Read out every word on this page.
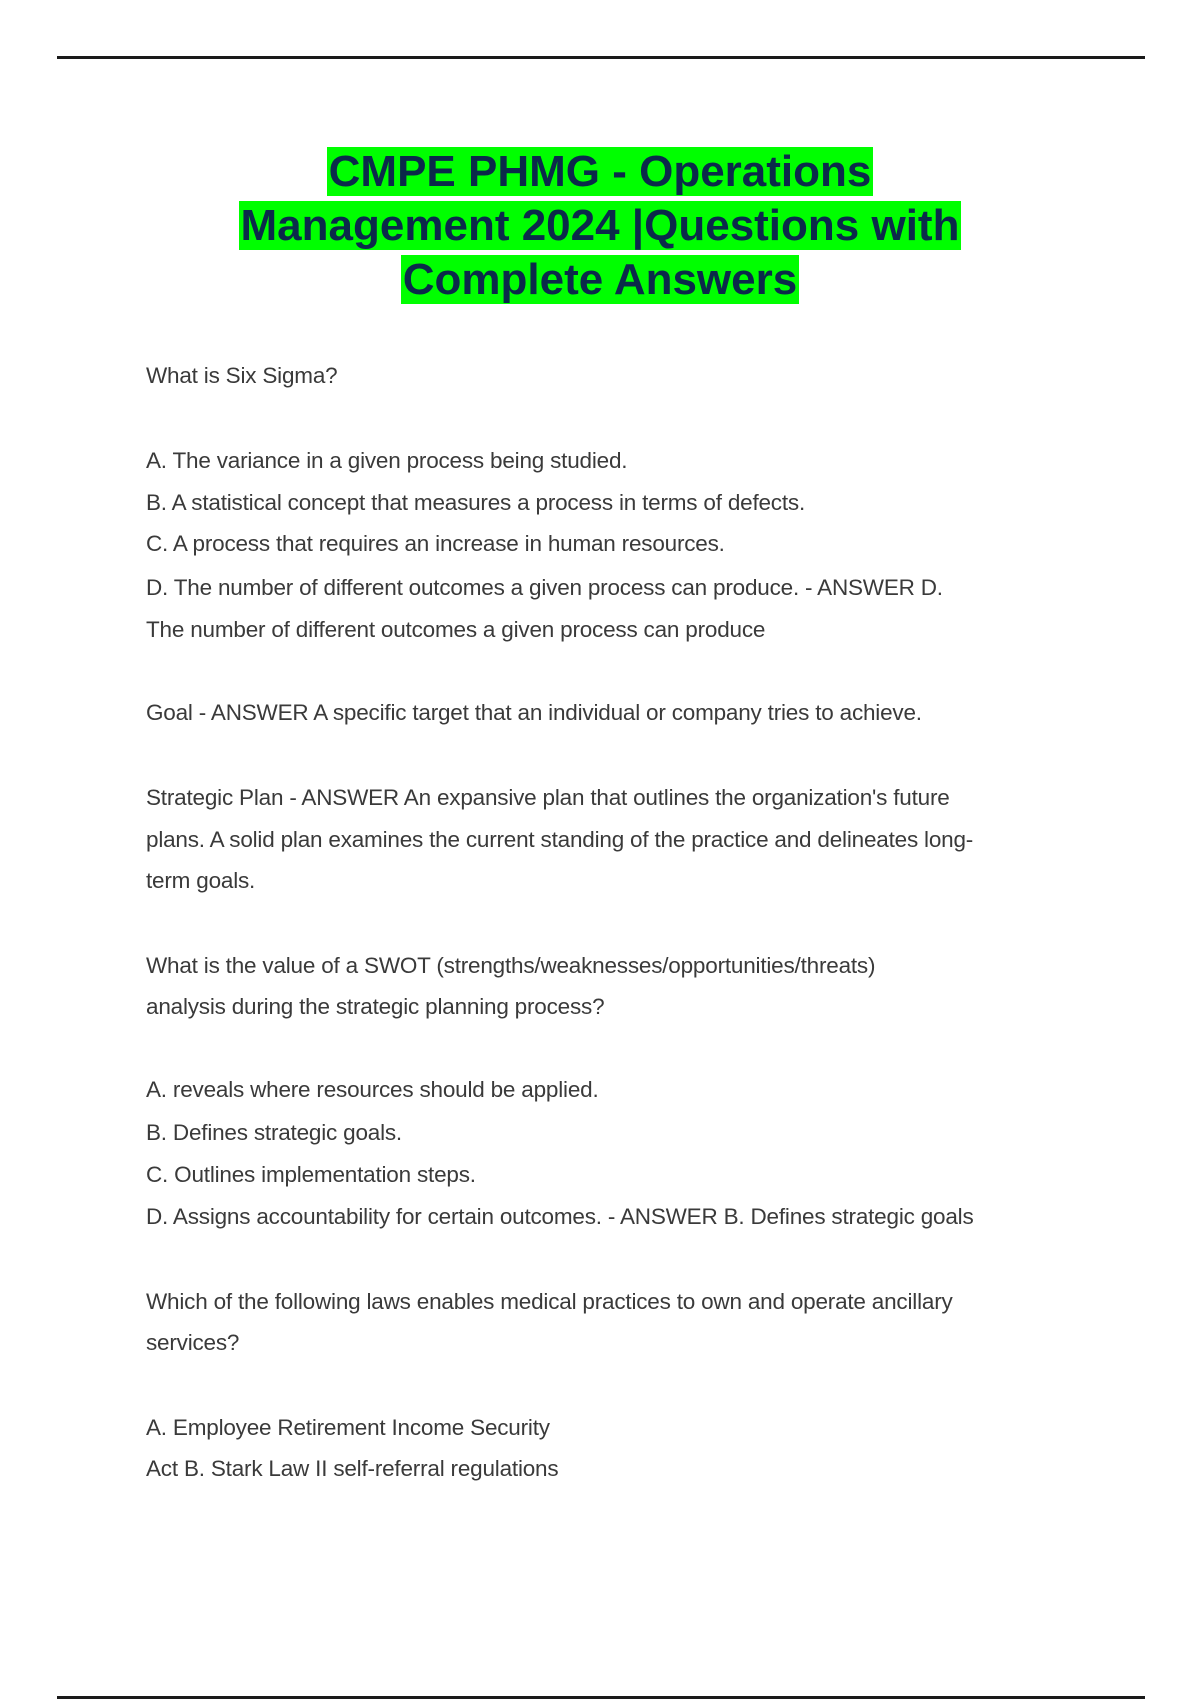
CMPE PHMG - Operations
Management 2024 |Questions with
Complete Answers
What is Six Sigma?
A. The variance in a given process being studied.
B. A statistical concept that measures a process in terms of defects.
C. A process that requires an increase in human resources.
D. The number of different outcomes a given process can produce. - ANSWER D.
The number of different outcomes a given process can produce
Goal - ANSWER A specific target that an individual or company tries to achieve.
Strategic Plan - ANSWER An expansive plan that outlines the organization's future
plans. A solid plan examines the current standing of the practice and delineates long-
term goals.
What is the value of a SWOT (strengths/weaknesses/opportunities/threats)
analysis during the strategic planning process?
A. reveals where resources should be applied.
B. Defines strategic goals.
C. Outlines implementation steps.
D. Assigns accountability for certain outcomes. - ANSWER B. Defines strategic goals
Which of the following laws enables medical practices to own and operate ancillary
services?
A. Employee Retirement Income Security
Act B. Stark Law II self-referral regulations
